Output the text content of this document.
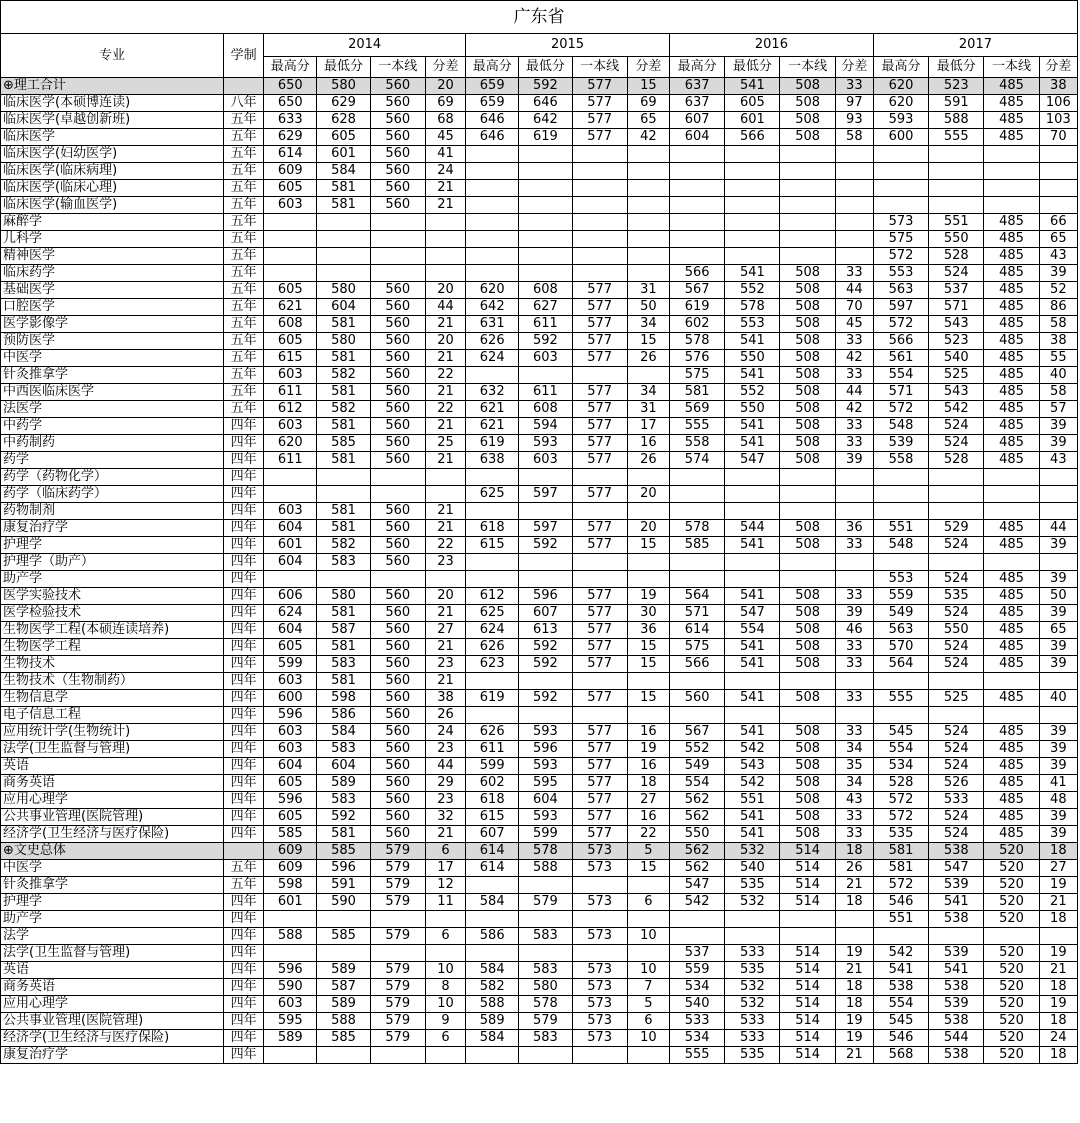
广东省																	
专业	学制	2014				2015				2016				2017			
		最高分	最低分	一本线	分差	最高分	最低分	一本线	分差	最高分	最低分	一本线	分差	最高分	最低分	一本线	分差
⊕理工合计		650	580	560	20	659	592	577	15	637	541	508	33	620	523	485	38
临床医学(本硕博连读)	八年	650	629	560	69	659	646	577	69	637	605	508	97	620	591	485	106
临床医学(卓越创新班)	五年	633	628	560	68	646	642	577	65	607	601	508	93	593	588	485	103
临床医学	五年	629	605	560	45	646	619	577	42	604	566	508	58	600	555	485	70
临床医学(妇幼医学)	五年	614	601	560	41												
临床医学(临床病理)	五年	609	584	560	24												
临床医学(临床心理)	五年	605	581	560	21												
临床医学(输血医学)	五年	603	581	560	21												
麻醉学	五年													573	551	485	66
儿科学	五年													575	550	485	65
精神医学	五年													572	528	485	43
临床药学	五年									566	541	508	33	553	524	485	39
基础医学	五年	605	580	560	20	620	608	577	31	567	552	508	44	563	537	485	52
口腔医学	五年	621	604	560	44	642	627	577	50	619	578	508	70	597	571	485	86
医学影像学	五年	608	581	560	21	631	611	577	34	602	553	508	45	572	543	485	58
预防医学	五年	605	580	560	20	626	592	577	15	578	541	508	33	566	523	485	38
中医学	五年	615	581	560	21	624	603	577	26	576	550	508	42	561	540	485	55
针灸推拿学	五年	603	582	560	22					575	541	508	33	554	525	485	40
中西医临床医学	五年	611	581	560	21	632	611	577	34	581	552	508	44	571	543	485	58
法医学	五年	612	582	560	22	621	608	577	31	569	550	508	42	572	542	485	57
中药学	四年	603	581	560	21	621	594	577	17	555	541	508	33	548	524	485	39
中药制药	四年	620	585	560	25	619	593	577	16	558	541	508	33	539	524	485	39
药学	四年	611	581	560	21	638	603	577	26	574	547	508	39	558	528	485	43
药学（药物化学）	四年																
药学（临床药学）	四年					625	597	577	20								
药物制剂	四年	603	581	560	21												
康复治疗学	四年	604	581	560	21	618	597	577	20	578	544	508	36	551	529	485	44
护理学	四年	601	582	560	22	615	592	577	15	585	541	508	33	548	524	485	39
护理学（助产）	四年	604	583	560	23												
助产学	四年													553	524	485	39
医学实验技术	四年	606	580	560	20	612	596	577	19	564	541	508	33	559	535	485	50
医学检验技术	四年	624	581	560	21	625	607	577	30	571	547	508	39	549	524	485	39
生物医学工程(本硕连读培养)	四年	604	587	560	27	624	613	577	36	614	554	508	46	563	550	485	65
生物医学工程	四年	605	581	560	21	626	592	577	15	575	541	508	33	570	524	485	39
生物技术	四年	599	583	560	23	623	592	577	15	566	541	508	33	564	524	485	39
生物技术（生物制药）	四年	603	581	560	21												
生物信息学	四年	600	598	560	38	619	592	577	15	560	541	508	33	555	525	485	40
电子信息工程	四年	596	586	560	26												
应用统计学(生物统计)	四年	603	584	560	24	626	593	577	16	567	541	508	33	545	524	485	39
法学(卫生监督与管理)	四年	603	583	560	23	611	596	577	19	552	542	508	34	554	524	485	39
英语	四年	604	604	560	44	599	593	577	16	549	543	508	35	534	524	485	39
商务英语	四年	605	589	560	29	602	595	577	18	554	542	508	34	528	526	485	41
应用心理学	四年	596	583	560	23	618	604	577	27	562	551	508	43	572	533	485	48
公共事业管理(医院管理)	四年	605	592	560	32	615	593	577	16	562	541	508	33	572	524	485	39
经济学(卫生经济与医疗保险)	四年	585	581	560	21	607	599	577	22	550	541	508	33	535	524	485	39
⊕文史总体		609	585	579	6	614	578	573	5	562	532	514	18	581	538	520	18
中医学	五年	609	596	579	17	614	588	573	15	562	540	514	26	581	547	520	27
针灸推拿学	五年	598	591	579	12					547	535	514	21	572	539	520	19
护理学	四年	601	590	579	11	584	579	573	6	542	532	514	18	546	541	520	21
助产学	四年													551	538	520	18
法学	四年	588	585	579	6	586	583	573	10								
法学(卫生监督与管理)	四年									537	533	514	19	542	539	520	19
英语	四年	596	589	579	10	584	583	573	10	559	535	514	21	541	541	520	21
商务英语	四年	590	587	579	8	582	580	573	7	534	532	514	18	538	538	520	18
应用心理学	四年	603	589	579	10	588	578	573	5	540	532	514	18	554	539	520	19
公共事业管理(医院管理)	四年	595	588	579	9	589	579	573	6	533	533	514	19	545	538	520	18
经济学(卫生经济与医疗保险)	四年	589	585	579	6	584	583	573	10	534	533	514	19	546	544	520	24
康复治疗学	四年									555	535	514	21	568	538	520	18
